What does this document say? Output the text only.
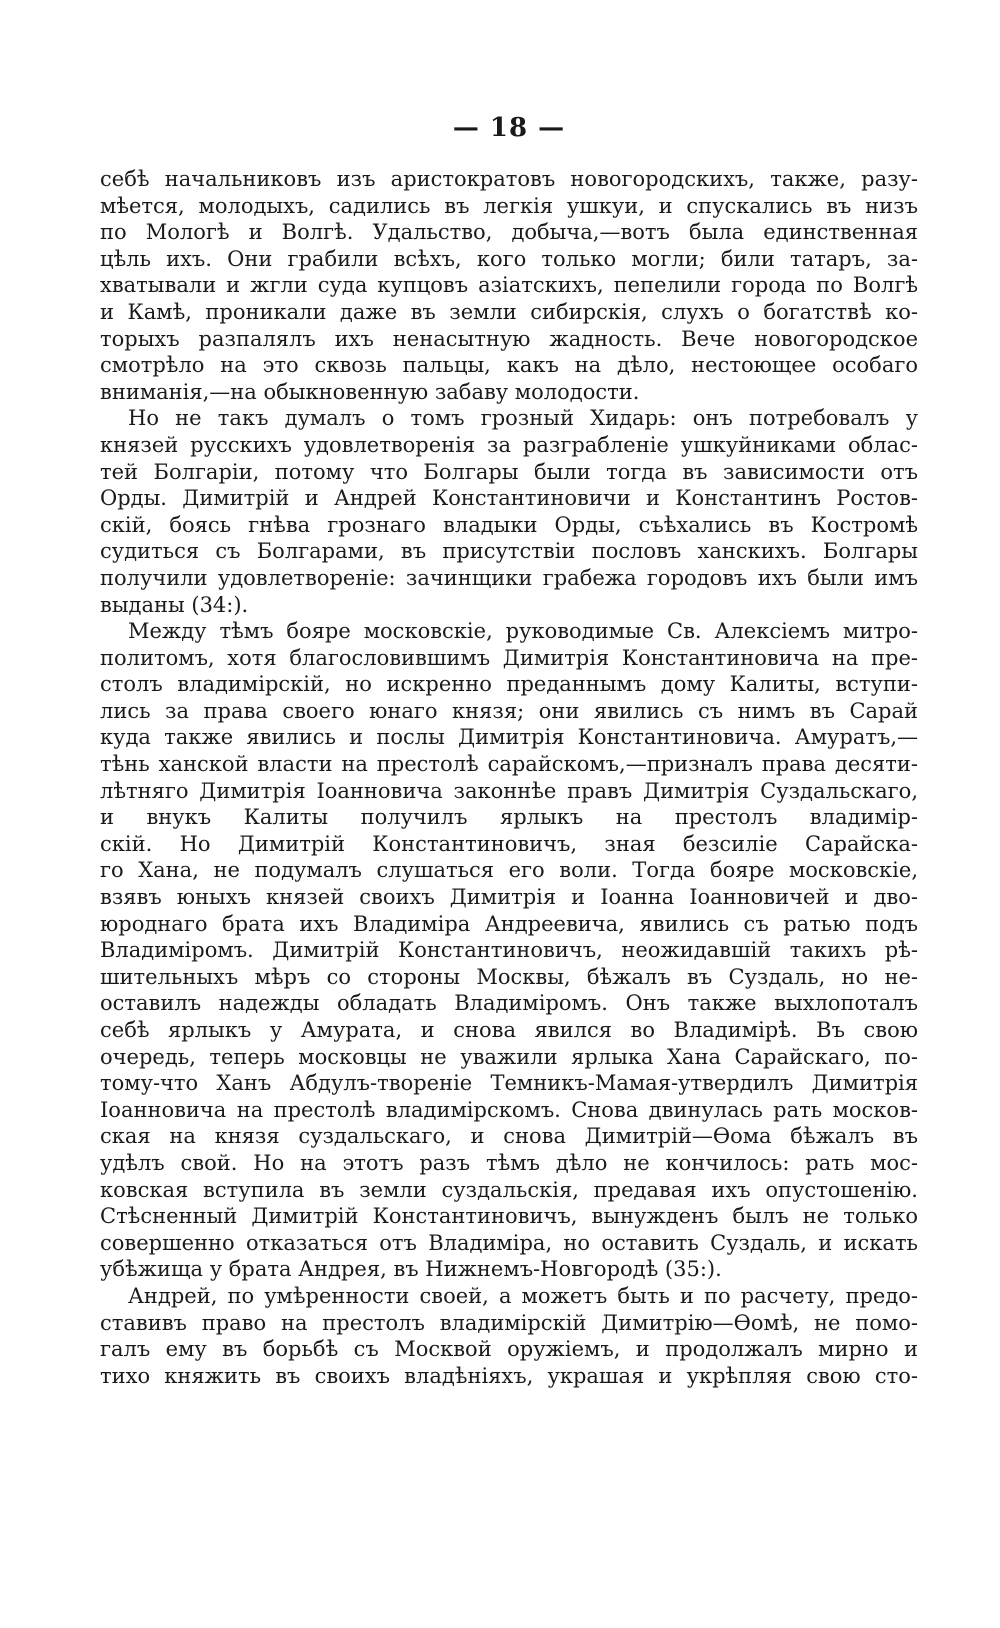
— 18 —
себѣ начальниковъ изъ аристократовъ новогородскихъ, также, разу-
мѣется, молодыхъ, садились въ легкія ушкуи, и спускались въ низъ
по Мологѣ и Волгѣ. Удальство, добыча,—вотъ была единственная
цѣль ихъ. Они грабили всѣхъ, кого только могли; били татаръ, за-
хватывали и жгли суда купцовъ азіатскихъ, пепелили города по Волгѣ
и Камѣ, проникали даже въ земли сибирскія, слухъ о богатствѣ ко-
торыхъ разпалялъ ихъ ненасытную жадность. Вече новогородское
смотрѣло на это сквозь пальцы, какъ на дѣло, нестоющее особаго
вниманія,—на обыкновенную забаву молодости.
Но не такъ думалъ о томъ грозный Хидарь: онъ потребовалъ у
князей русскихъ удовлетворенія за разграбленіе ушкуйниками облас-
тей Болгаріи, потому что Болгары были тогда въ зависимости отъ
Орды. Димитрій и Андрей Константиновичи и Константинъ Ростов-
скій, боясь гнѣва грознаго владыки Орды, съѣхались въ Костромѣ
судиться съ Болгарами, въ присутствіи пословъ ханскихъ. Болгары
получили удовлетвореніе: зачинщики грабежа городовъ ихъ были имъ
выданы (34:).
Между тѣмъ бояре московскіе, руководимые Св. Алексіемъ митро-
политомъ, хотя благословившимъ Димитрія Константиновича на пре-
столъ владимірскій, но искренно преданнымъ дому Калиты, вступи-
лись за права своего юнаго князя; они явились съ нимъ въ Сарай
куда также явились и послы Димитрія Константиновича. Амуратъ,—
тѣнь ханской власти на престолѣ сарайскомъ,—призналъ права десяти-
лѣтняго Димитрія Іоанновича законнѣе правъ Димитрія Суздальскаго,
и внукъ Калиты получилъ ярлыкъ на престолъ владимір-
скій. Но Димитрій Константиновичъ, зная безсиліе Сарайска-
го Хана, не подумалъ слушаться его воли. Тогда бояре московскіе,
взявъ юныхъ князей своихъ Димитрія и Іоанна Іоанновичей и дво-
юроднаго брата ихъ Владиміра Андреевича, явились съ ратью подъ
Владиміромъ. Димитрій Константиновичъ, неожидавшій такихъ рѣ-
шительныхъ мѣръ со стороны Москвы, бѣжалъ въ Суздаль, но не-
оставилъ надежды обладать Владиміромъ. Онъ также выхлопоталъ
себѣ ярлыкъ у Амурата, и снова явился во Владимірѣ. Въ свою
очередь, теперь московцы не уважили ярлыка Хана Сарайскаго, по-
тому-что Ханъ Абдулъ-твореніе Темникъ-Мамая-утвердилъ Димитрія
Іоанновича на престолѣ владимірскомъ. Снова двинулась рать москов-
ская на князя суздальскаго, и снова Димитрій—Ѳома бѣжалъ въ
удѣлъ свой. Но на этотъ разъ тѣмъ дѣло не кончилось: рать мос-
ковская вступила въ земли суздальскія, предавая ихъ опустошенію.
Стѣсненный Димитрій Константиновичъ, вынужденъ былъ не только
совершенно отказаться отъ Владиміра, но оставить Суздаль, и искать
убѣжища у брата Андрея, въ Нижнемъ-Новгородѣ (35:).
Андрей, по умѣренности своей, а можетъ быть и по расчету, предо-
ставивъ право на престолъ владимірскій Димитрію—Ѳомѣ, не помо-
галъ ему въ борьбѣ съ Москвой оружіемъ, и продолжалъ мирно и
тихо княжить въ своихъ владѣніяхъ, украшая и укрѣпляя свою сто-
